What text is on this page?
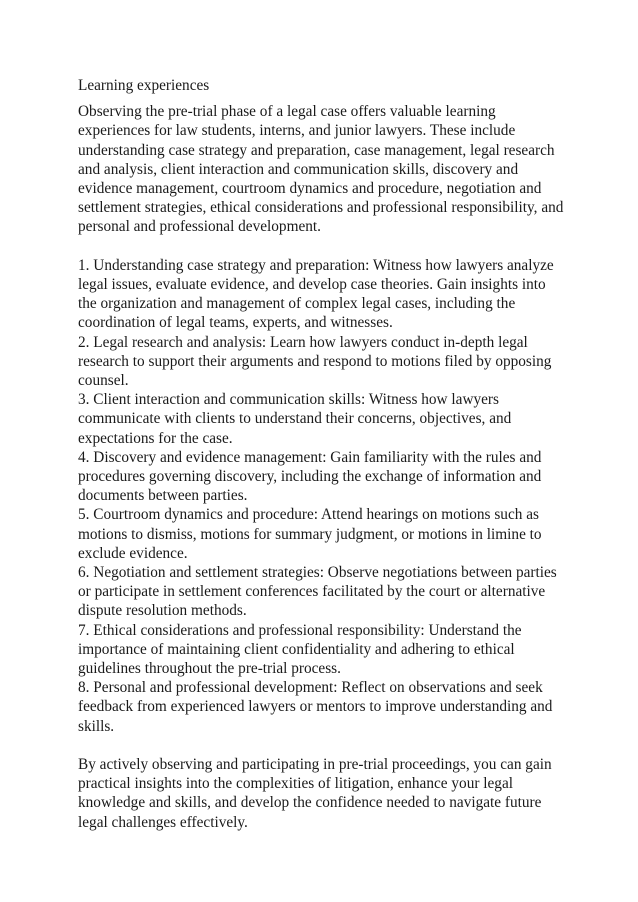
Learning experiences

Observing the pre-trial phase of a legal case offers valuable learning experiences for law students, interns, and junior lawyers. These include understanding case strategy and preparation, case management, legal research and analysis, client interaction and communication skills, discovery and evidence management, courtroom dynamics and procedure, negotiation and settlement strategies, ethical considerations and professional responsibility, and personal and professional development.

1. Understanding case strategy and preparation: Witness how lawyers analyze legal issues, evaluate evidence, and develop case theories. Gain insights into the organization and management of complex legal cases, including the coordination of legal teams, experts, and witnesses.
2. Legal research and analysis: Learn how lawyers conduct in-depth legal research to support their arguments and respond to motions filed by opposing counsel.
3. Client interaction and communication skills: Witness how lawyers communicate with clients to understand their concerns, objectives, and expectations for the case.
4. Discovery and evidence management: Gain familiarity with the rules and procedures governing discovery, including the exchange of information and documents between parties.
5. Courtroom dynamics and procedure: Attend hearings on motions such as motions to dismiss, motions for summary judgment, or motions in limine to exclude evidence.
6. Negotiation and settlement strategies: Observe negotiations between parties or participate in settlement conferences facilitated by the court or alternative dispute resolution methods.
7. Ethical considerations and professional responsibility: Understand the importance of maintaining client confidentiality and adhering to ethical guidelines throughout the pre-trial process.
8. Personal and professional development: Reflect on observations and seek feedback from experienced lawyers or mentors to improve understanding and skills.

By actively observing and participating in pre-trial proceedings, you can gain practical insights into the complexities of litigation, enhance your legal knowledge and skills, and develop the confidence needed to navigate future legal challenges effectively.
